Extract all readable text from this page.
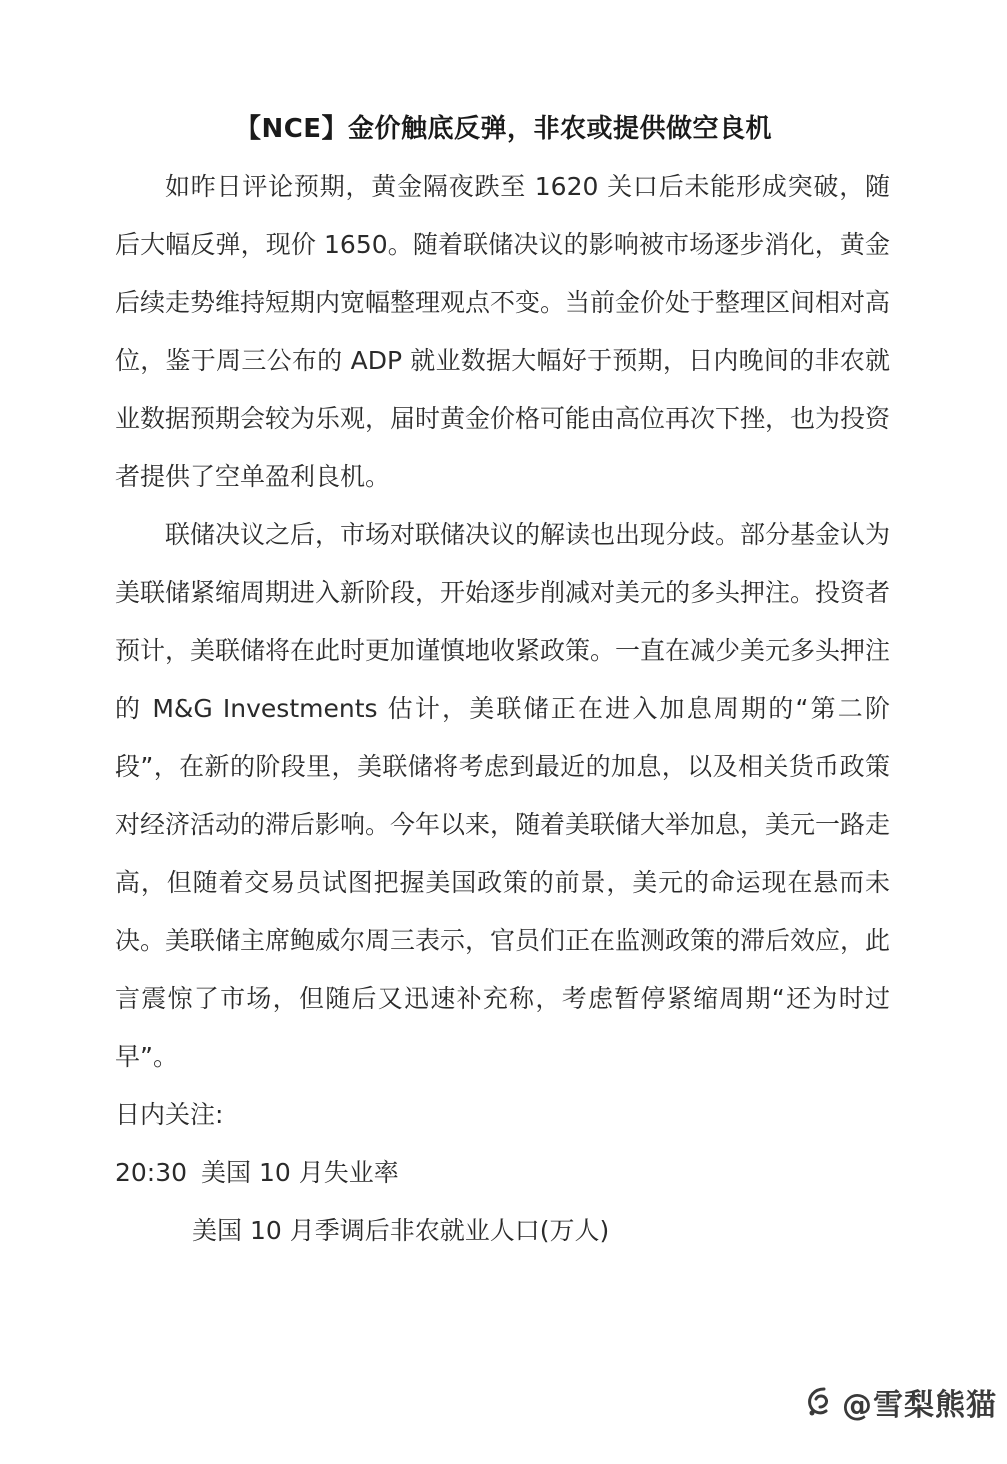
【NCE】金价触底反弹，非农或提供做空良机

如昨日评论预期，黄金隔夜跌至 1620 关口后未能形成突破，随后大幅反弹，现价 1650。随着联储决议的影响被市场逐步消化，黄金后续走势维持短期内宽幅整理观点不变。当前金价处于整理区间相对高位，鉴于周三公布的 ADP 就业数据大幅好于预期，日内晚间的非农就业数据预期会较为乐观，届时黄金价格可能由高位再次下挫，也为投资者提供了空单盈利良机。

联储决议之后，市场对联储决议的解读也出现分歧。部分基金认为美联储紧缩周期进入新阶段，开始逐步削减对美元的多头押注。投资者预计，美联储将在此时更加谨慎地收紧政策。一直在减少美元多头押注的 M&G Investments 估计，美联储正在进入加息周期的“第二阶段”，在新的阶段里，美联储将考虑到最近的加息，以及相关货币政策对经济活动的滞后影响。今年以来，随着美联储大举加息，美元一路走高，但随着交易员试图把握美国政策的前景，美元的命运现在悬而未决。美联储主席鲍威尔周三表示，官员们正在监测政策的滞后效应，此言震惊了市场，但随后又迅速补充称，考虑暂停紧缩周期“还为时过早”。

日内关注:
20:30 美国 10 月失业率
美国 10 月季调后非农就业人口(万人)
@雪梨熊猫
